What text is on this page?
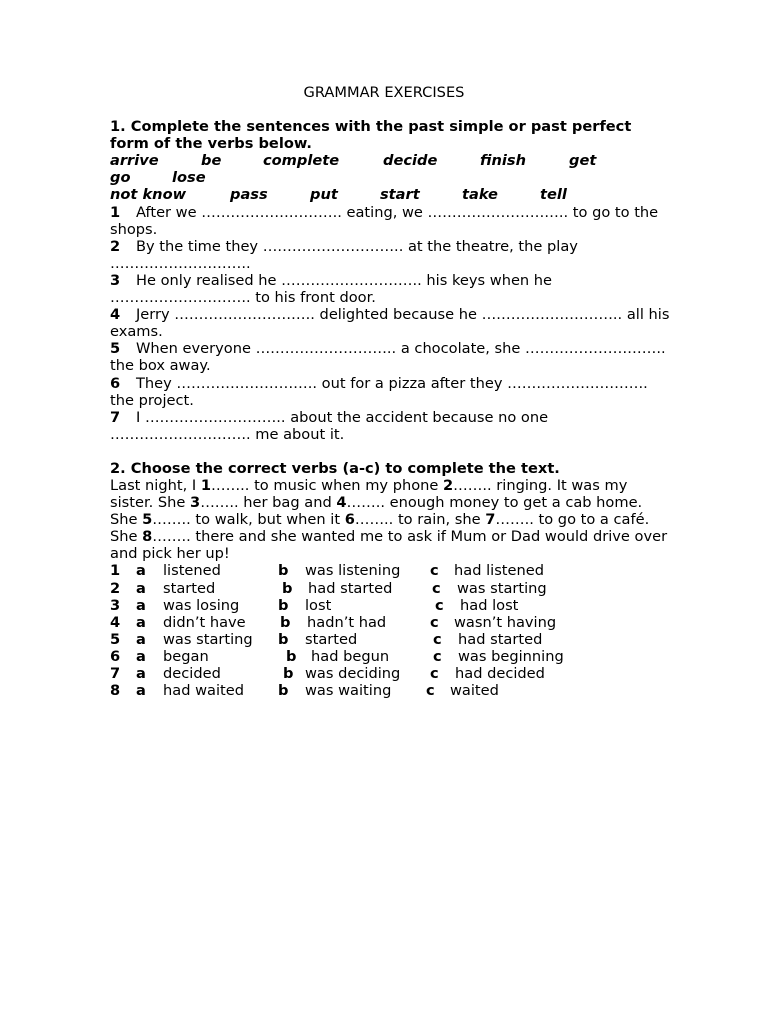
GRAMMAR EXERCISES
1. Complete the sentences with the past simple or past perfect form of the verbs below.
arrive	be	complete	decide	finish	get
go	lose
not know	pass	put	start	take	tell
1 After we ……………………….. eating, we ……………………….. to go to the shops.
2 By the time they ……………………….. at the theatre, the play ………………………..
3 He only realised he ……………………….. his keys when he ……………………….. to his front door.
4 Jerry ……………………….. delighted because he ……………………….. all his exams.
5 When everyone ……………………….. a chocolate, she ……………………….. the box away.
6 They ……………………….. out for a pizza after they ……………………….. the project.
7 I ……………………….. about the accident because no one ……………………….. me about it.
2. Choose the correct verbs (a-c) to complete the text.
Last night, I 1…….. to music when my phone 2…….. ringing. It was my sister. She 3…….. her bag and 4…….. enough money to get a cab home. She 5…….. to walk, but when it 6…….. to rain, she 7…….. to go to a café. She 8…….. there and she wanted me to ask if Mum or Dad would drive over and pick her up!
1 a listened	b was listening c had listened
2 a started	b had started	c was starting
3 a was losing	b lost	c had lost
4 a didn’t have b hadn’t had	c wasn’t having
5 a was starting b started	c had started
6 a began	b had begun	c was beginning
7 a decided	b was deciding c had decided
8 a had waited b was waiting c waited
